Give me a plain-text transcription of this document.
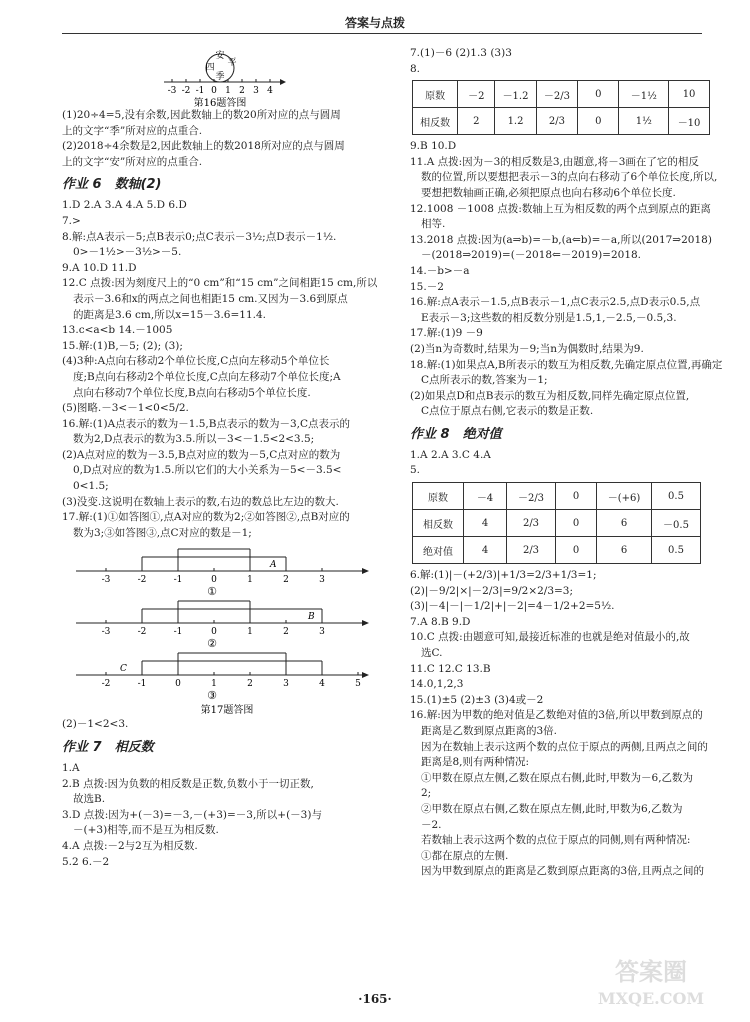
答案与点拨
安
四 平
季
-3 -2 -1 0 1 2 3 4
第16题答图
(1)20÷4=5,没有余数,因此数轴上的数20所对应的点与圆周
上的文字“季”所对应的点重合.
(2)2018÷4余数是2,因此数轴上的数2018所对应的点与圆周
上的文字“安”所对应的点重合.
作业 6　数轴(2)
1.D 2.A 3.A 4.A 5.D 6.D
7.>
8.解:点A表示－5;点B表示0;点C表示－3½;点D表示－1½.
0>－1½>－3½>－5.
9.A 10.D 11.D
12.C 点拨:因为刻度尺上的“0 cm”和“15 cm”之间相距15 cm,所以
表示－3.6和x的两点之间也相距15 cm.又因为－3.6到原点
的距离是3.6 cm,所以x=15－3.6=11.4.
13.c<a<b 14.－1005
15.解:(1)B,－5; (2); (3);
(4)3种:A点向右移动2个单位长度,C点向左移动5个单位长
度;B点向右移动2个单位长度,C点向左移动7个单位长度;A
点向右移动7个单位长度,B点向右移动5个单位长度.
(5)图略.－3<－1<0<5/2.
16.解:(1)A点表示的数为－1.5,B点表示的数为－3,C点表示的
数为2,D点表示的数为3.5.所以－3<－1.5<2<3.5;
(2)A点对应的数为－3.5,B点对应的数为－5,C点对应的数为
0,D点对应的数为1.5.所以它们的大小关系为－5<－3.5<
0<1.5;
(3)没变.这说明在数轴上表示的数,右边的数总比左边的数大.
17.解:(1)①如答图①,点A对应的数为2;②如答图②,点B对应的
数为3;③如答图③,点C对应的数是－1;
-3	-2	-1	0	1	2	3
A
①
-3	-2	-1	0	1	2	3
B
②
-2	-1	0	1	2	3	4	5
C
③
第17题答图
(2)－1<2<3.
作业 7　相反数
1.A
2.B 点拨:因为负数的相反数是正数,负数小于一切正数,
故选B.
3.D 点拨:因为+(－3)=－3,－(+3)=－3,所以+(－3)与
－(+3)相等,而不是互为相反数.
4.A 点拨:－2与2互为相反数.
5.2 6.－2
7.(1)－6 (2)1.3 (3)3
8.
原数	－2	－1.2	－2/3	0	－1½	10
相反数	2	1.2	2/3	0	1½	－10
9.B 10.D
11.A 点拨:因为－3的相反数是3,由题意,将－3画在了它的相反
数的位置,所以要想把表示－3的点向右移动了6个单位长度,所以,
要想把数轴画正确,必须把原点也向右移动6个单位长度.
12.1008 －1008 点拨:数轴上互为相反数的两个点到原点的距离
相等.
13.2018 点拨:因为(a⇒b)=－b,(a⇐b)=－a,所以(2017⇒2018)
－(2018⇒2019)=(－2018⇐－2019)=2018.
14.－b>－a
15.－2
16.解:点A表示－1.5,点B表示－1,点C表示2.5,点D表示0.5,点
E表示－3;这些数的相反数分别是1.5,1,－2.5,－0.5,3.
17.解:(1)9 －9
(2)当n为奇数时,结果为－9;当n为偶数时,结果为9.
18.解:(1)如果点A,B所表示的数互为相反数,先确定原点位置,再确定
C点所表示的数,答案为－1;
(2)如果点D和点B表示的数互为相反数,同样先确定原点位置,
C点位于原点右侧,它表示的数是正数.
作业 8　绝对值
1.A 2.A 3.C 4.A
5.
原数	－4	－2/3	0	－(+6)	0.5
相反数	4	2/3	0	6	－0.5
绝对值	4	2/3	0	6	0.5
6.解:(1)|－(+2/3)|+1/3=2/3+1/3=1;
(2)|－9/2|×|－2/3|=9/2×2/3=3;
(3)|－4|－|－1/2|+|－2|=4－1/2+2=5½.
7.A 8.B 9.D
10.C 点拨:由题意可知,最接近标准的也就是绝对值最小的,故
选C.
11.C 12.C 13.B
14.0,1,2,3
15.(1)±5 (2)±3 (3)4或－2
16.解:因为甲数的绝对值是乙数绝对值的3倍,所以甲数到原点的
距离是乙数到原点距离的3倍.
因为在数轴上表示这两个数的点位于原点的两侧,且两点之间的
距离是8,则有两种情况:
①甲数在原点左侧,乙数在原点右侧,此时,甲数为－6,乙数为
2;
②甲数在原点右侧,乙数在原点左侧,此时,甲数为6,乙数为
－2.
若数轴上表示这两个数的点位于原点的同侧,则有两种情况:
①都在原点的左侧.
因为甲数到原点的距离是乙数到原点距离的3倍,且两点之间的
·165·
答案圈
MXQE.COM
